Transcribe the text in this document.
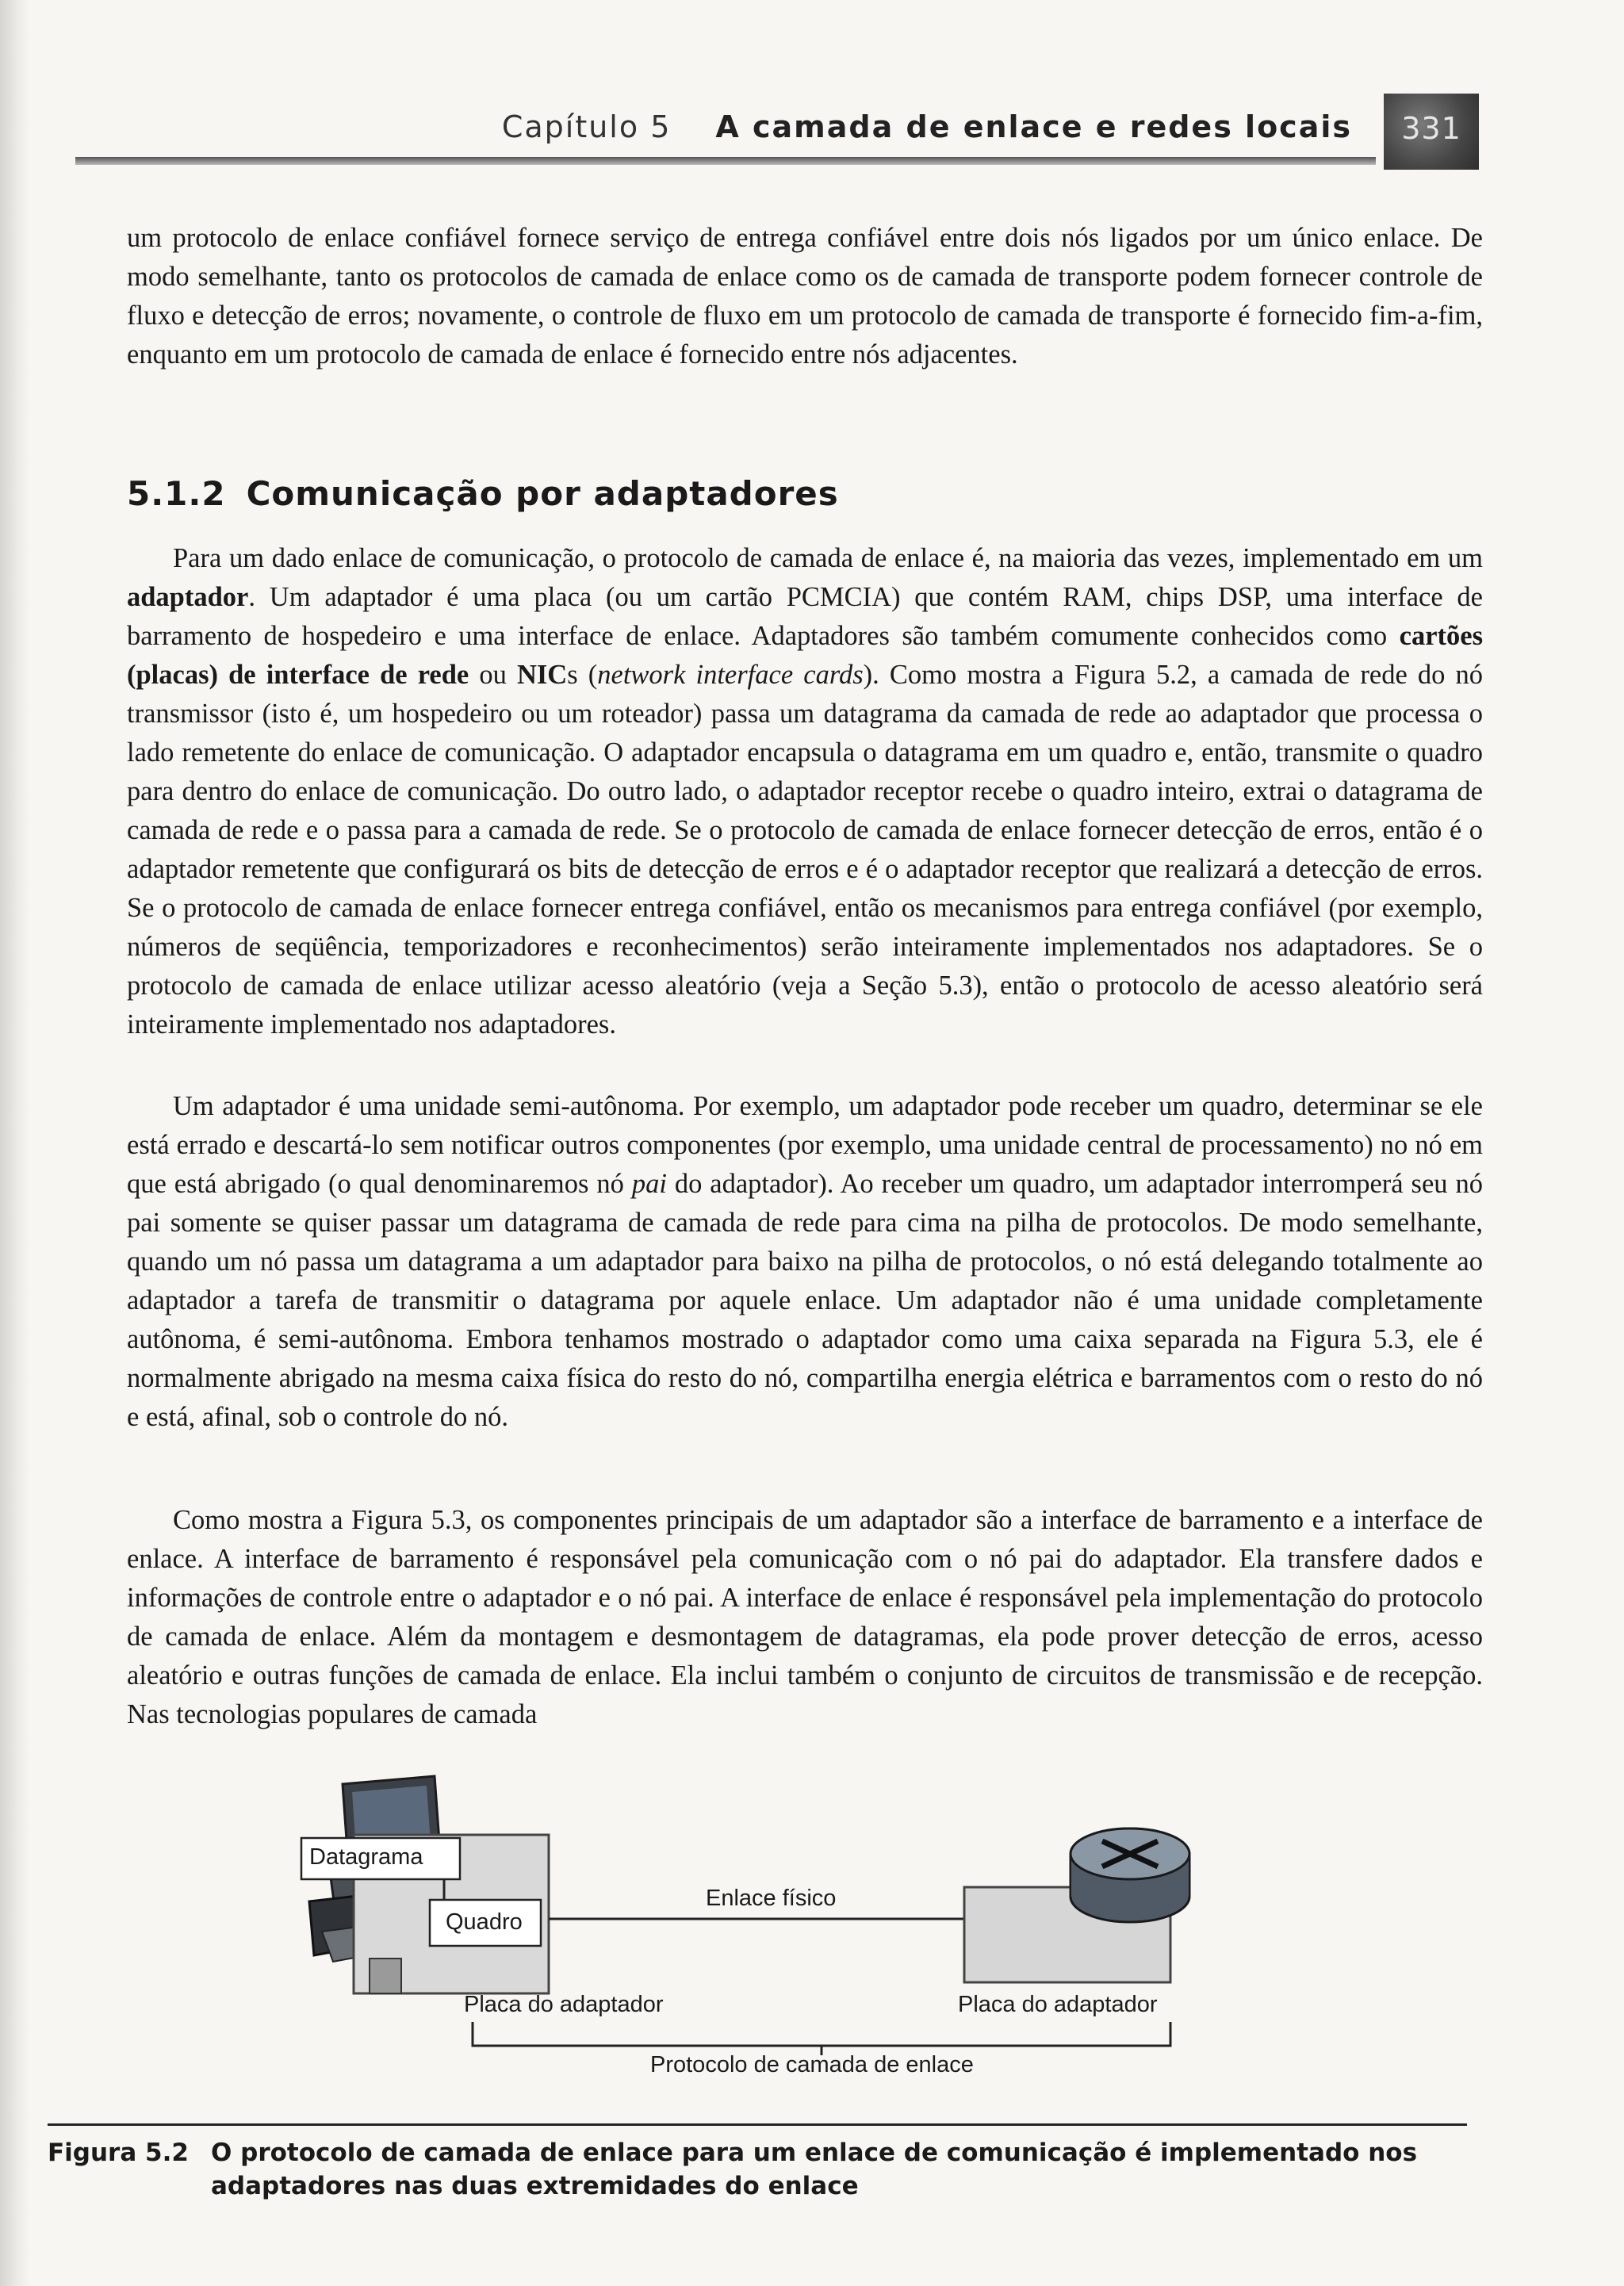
Capítulo 5 A camada de enlace e redes locais	331

um protocolo de enlace confiável fornece serviço de entrega confiável entre dois nós ligados por um único enlace. De modo semelhante, tanto os protocolos de camada de enlace como os de camada de transporte podem fornecer controle de fluxo e detecção de erros; novamente, o controle de fluxo em um protocolo de camada de transporte é fornecido fim-a-fim, enquanto em um protocolo de camada de enlace é fornecido entre nós adjacentes.

5.1.2 Comunicação por adaptadores

Para um dado enlace de comunicação, o protocolo de camada de enlace é, na maioria das vezes, implementado em um adaptador. Um adaptador é uma placa (ou um cartão PCMCIA) que contém RAM, chips DSP, uma interface de barramento de hospedeiro e uma interface de enlace. Adaptadores são também comumente conhecidos como cartões (placas) de interface de rede ou NICs (network interface cards). Como mostra a Figura 5.2, a camada de rede do nó transmissor (isto é, um hospedeiro ou um roteador) passa um datagrama da camada de rede ao adaptador que processa o lado remetente do enlace de comunicação. O adaptador encapsula o datagrama em um quadro e, então, transmite o quadro para dentro do enlace de comunicação. Do outro lado, o adaptador receptor recebe o quadro inteiro, extrai o datagrama de camada de rede e o passa para a camada de rede. Se o protocolo de camada de enlace fornecer detecção de erros, então é o adaptador remetente que configurará os bits de detecção de erros e é o adaptador receptor que realizará a detecção de erros. Se o protocolo de camada de enlace fornecer entrega confiável, então os mecanismos para entrega confiável (por exemplo, números de seqüência, temporizadores e reconhecimentos) serão inteiramente implementados nos adaptadores. Se o protocolo de camada de enlace utilizar acesso aleatório (veja a Seção 5.3), então o protocolo de acesso aleatório será inteiramente implementado nos adaptadores.

Um adaptador é uma unidade semi-autônoma. Por exemplo, um adaptador pode receber um quadro, determinar se ele está errado e descartá-lo sem notificar outros componentes (por exemplo, uma unidade central de processamento) no nó em que está abrigado (o qual denominaremos nó pai do adaptador). Ao receber um quadro, um adaptador interromperá seu nó pai somente se quiser passar um datagrama de camada de rede para cima na pilha de protocolos. De modo semelhante, quando um nó passa um datagrama a um adaptador para baixo na pilha de protocolos, o nó está delegando totalmente ao adaptador a tarefa de transmitir o datagrama por aquele enlace. Um adaptador não é uma unidade completamente autônoma, é semi-autônoma. Embora tenhamos mostrado o adaptador como uma caixa separada na Figura 5.3, ele é normalmente abrigado na mesma caixa física do resto do nó, compartilha energia elétrica e barramentos com o resto do nó e está, afinal, sob o controle do nó.

Como mostra a Figura 5.3, os componentes principais de um adaptador são a interface de barramento e a interface de enlace. A interface de barramento é responsável pela comunicação com o nó pai do adaptador. Ela transfere dados e informações de controle entre o adaptador e o nó pai. A interface de enlace é responsável pela implementação do protocolo de camada de enlace. Além da montagem e desmontagem de datagramas, ela pode prover detecção de erros, acesso aleatório e outras funções de camada de enlace. Ela inclui também o conjunto de circuitos de transmissão e de recepção. Nas tecnologias populares de camada

Datagrama
Quadro
Enlace físico
Placa do adaptador	Placa do adaptador
Protocolo de camada de enlace
Figura 5.2 O protocolo de camada de enlace para um enlace de comunicação é implementado nos adaptadores nas duas extremidades do enlace
